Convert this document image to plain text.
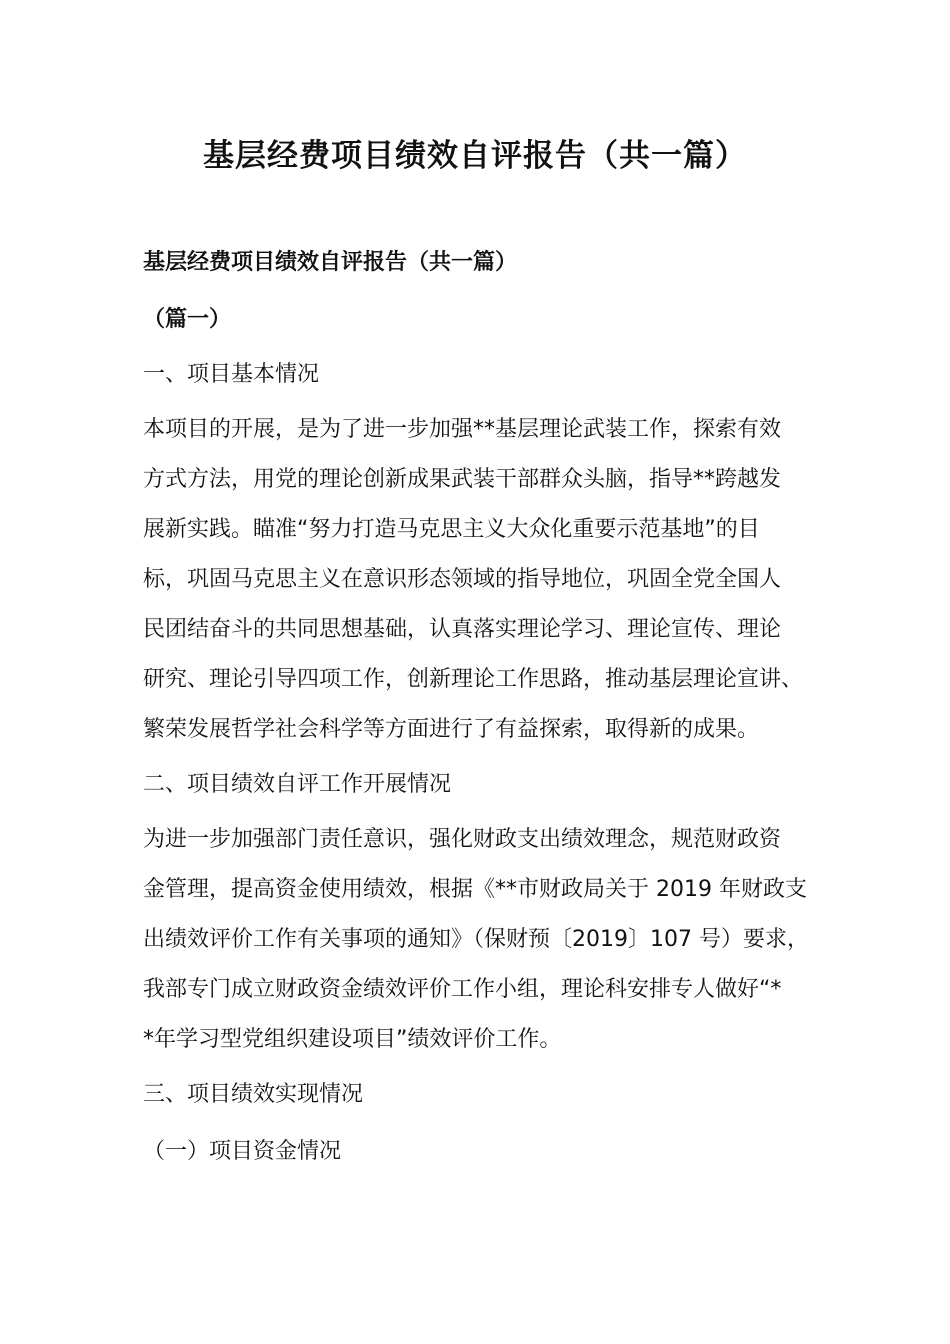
基层经费项目绩效自评报告（共一篇）

基层经费项目绩效自评报告（共一篇）

（篇一）

一、项目基本情况

本项目的开展，是为了进一步加强**基层理论武装工作，探索有效

方式方法，用党的理论创新成果武装干部群众头脑，指导**跨越发

展新实践。瞄准“努力打造马克思主义大众化重要示范基地”的目

标，巩固马克思主义在意识形态领域的指导地位，巩固全党全国人

民团结奋斗的共同思想基础，认真落实理论学习、理论宣传、理论

研究、理论引导四项工作，创新理论工作思路，推动基层理论宣讲、

繁荣发展哲学社会科学等方面进行了有益探索，取得新的成果。

二、项目绩效自评工作开展情况

为进一步加强部门责任意识，强化财政支出绩效理念，规范财政资

金管理，提高资金使用绩效，根据《**市财政局关于 2019 年财政支

出绩效评价工作有关事项的通知》（保财预〔2019〕107 号）要求，

我部专门成立财政资金绩效评价工作小组，理论科安排专人做好“*

*年学习型党组织建设项目”绩效评价工作。

三、项目绩效实现情况

（一）项目资金情况
